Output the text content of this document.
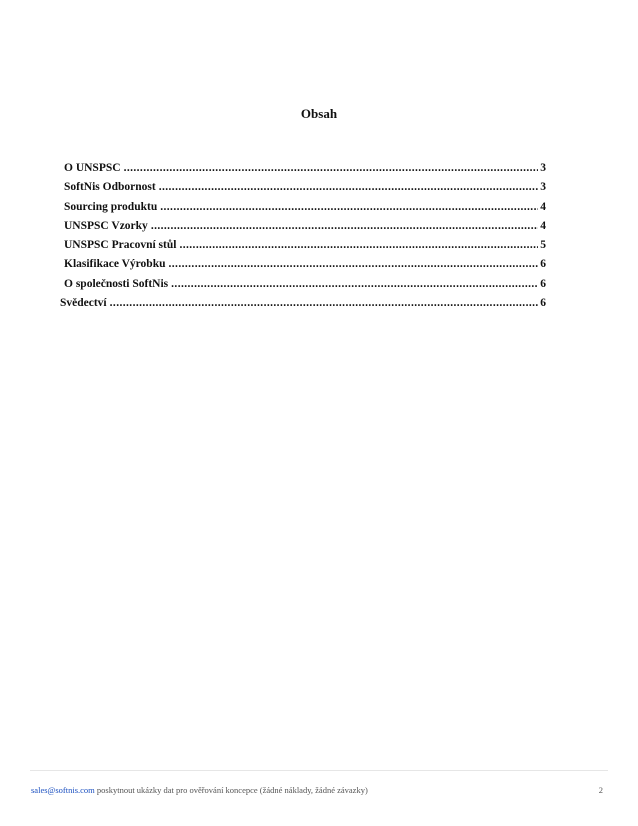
Obsah
O UNSPSC .....	3
SoftNis Odbornost .....	3
Sourcing produktu .....	4
UNSPSC Vzorky .....	4
UNSPSC Pracovní stůl .....	5
Klasifikace Výrobku .....	6
O společnosti SoftNis .....	6
Svědectví .....	6
sales@softnis.com poskytnout ukázky dat pro ověřování koncepce (žádné náklady, žádné závazky)	2
